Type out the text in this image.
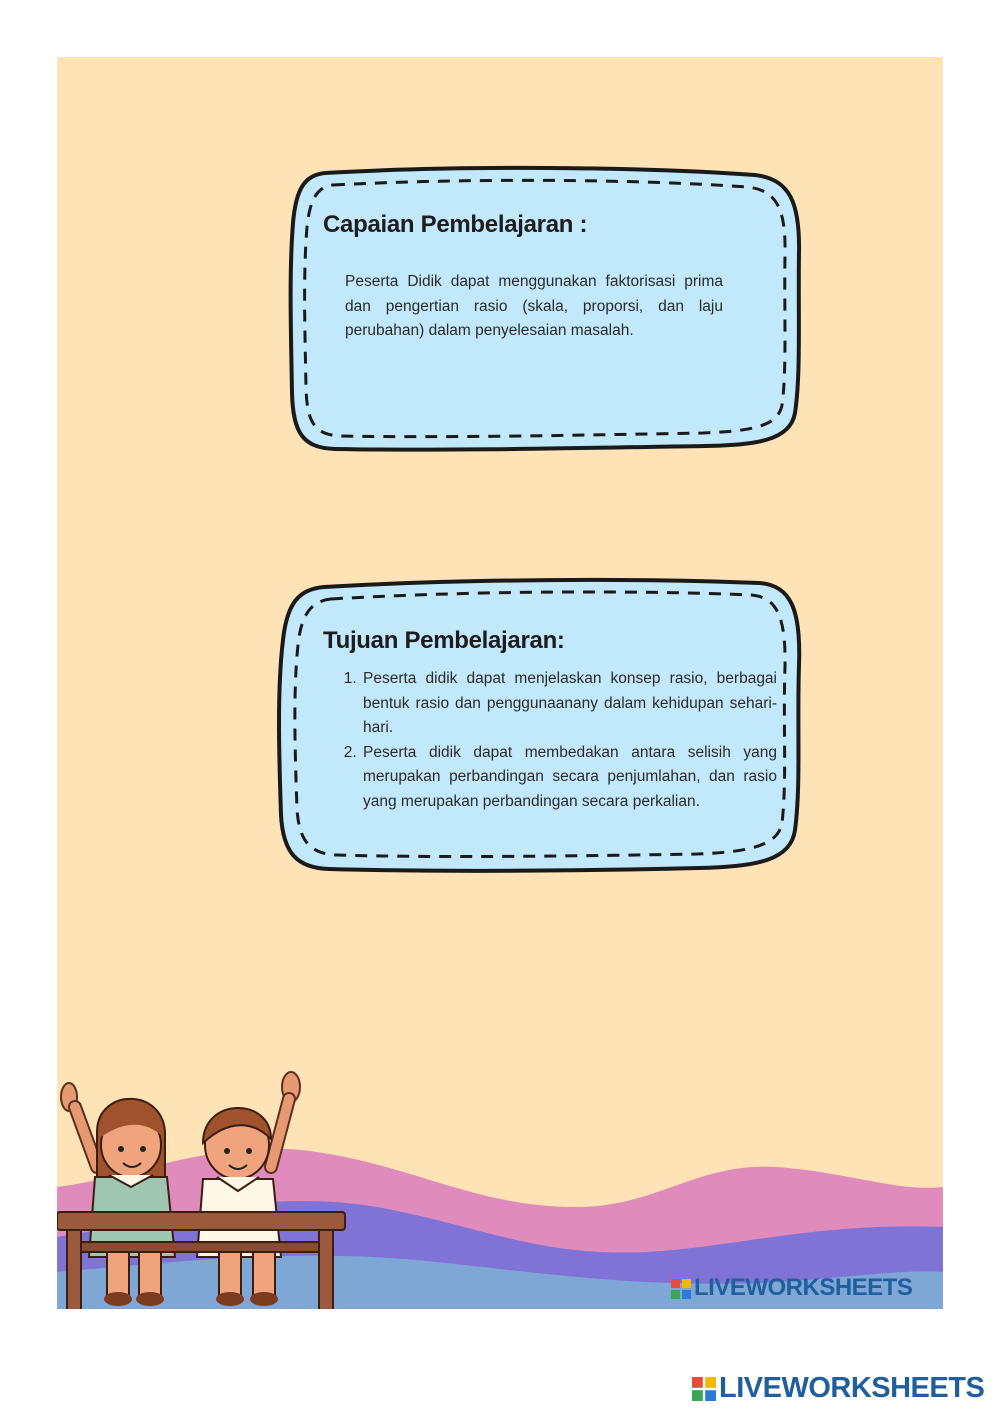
Capaian Pembelajaran :
Peserta Didik dapat menggunakan faktorisasi prima dan pengertian rasio (skala, proporsi, dan laju perubahan) dalam penyelesaian masalah.
Tujuan Pembelajaran:
1. Peserta didik dapat menjelaskan konsep rasio, berbagai bentuk rasio dan penggunaanany dalam kehidupan sehari-hari.
2. Peserta didik dapat membedakan antara selisih yang merupakan perbandingan secara penjumlahan, dan rasio yang merupakan perbandingan secara perkalian.
LIVEWORKSHEETS
LIVEWORKSHEETS
